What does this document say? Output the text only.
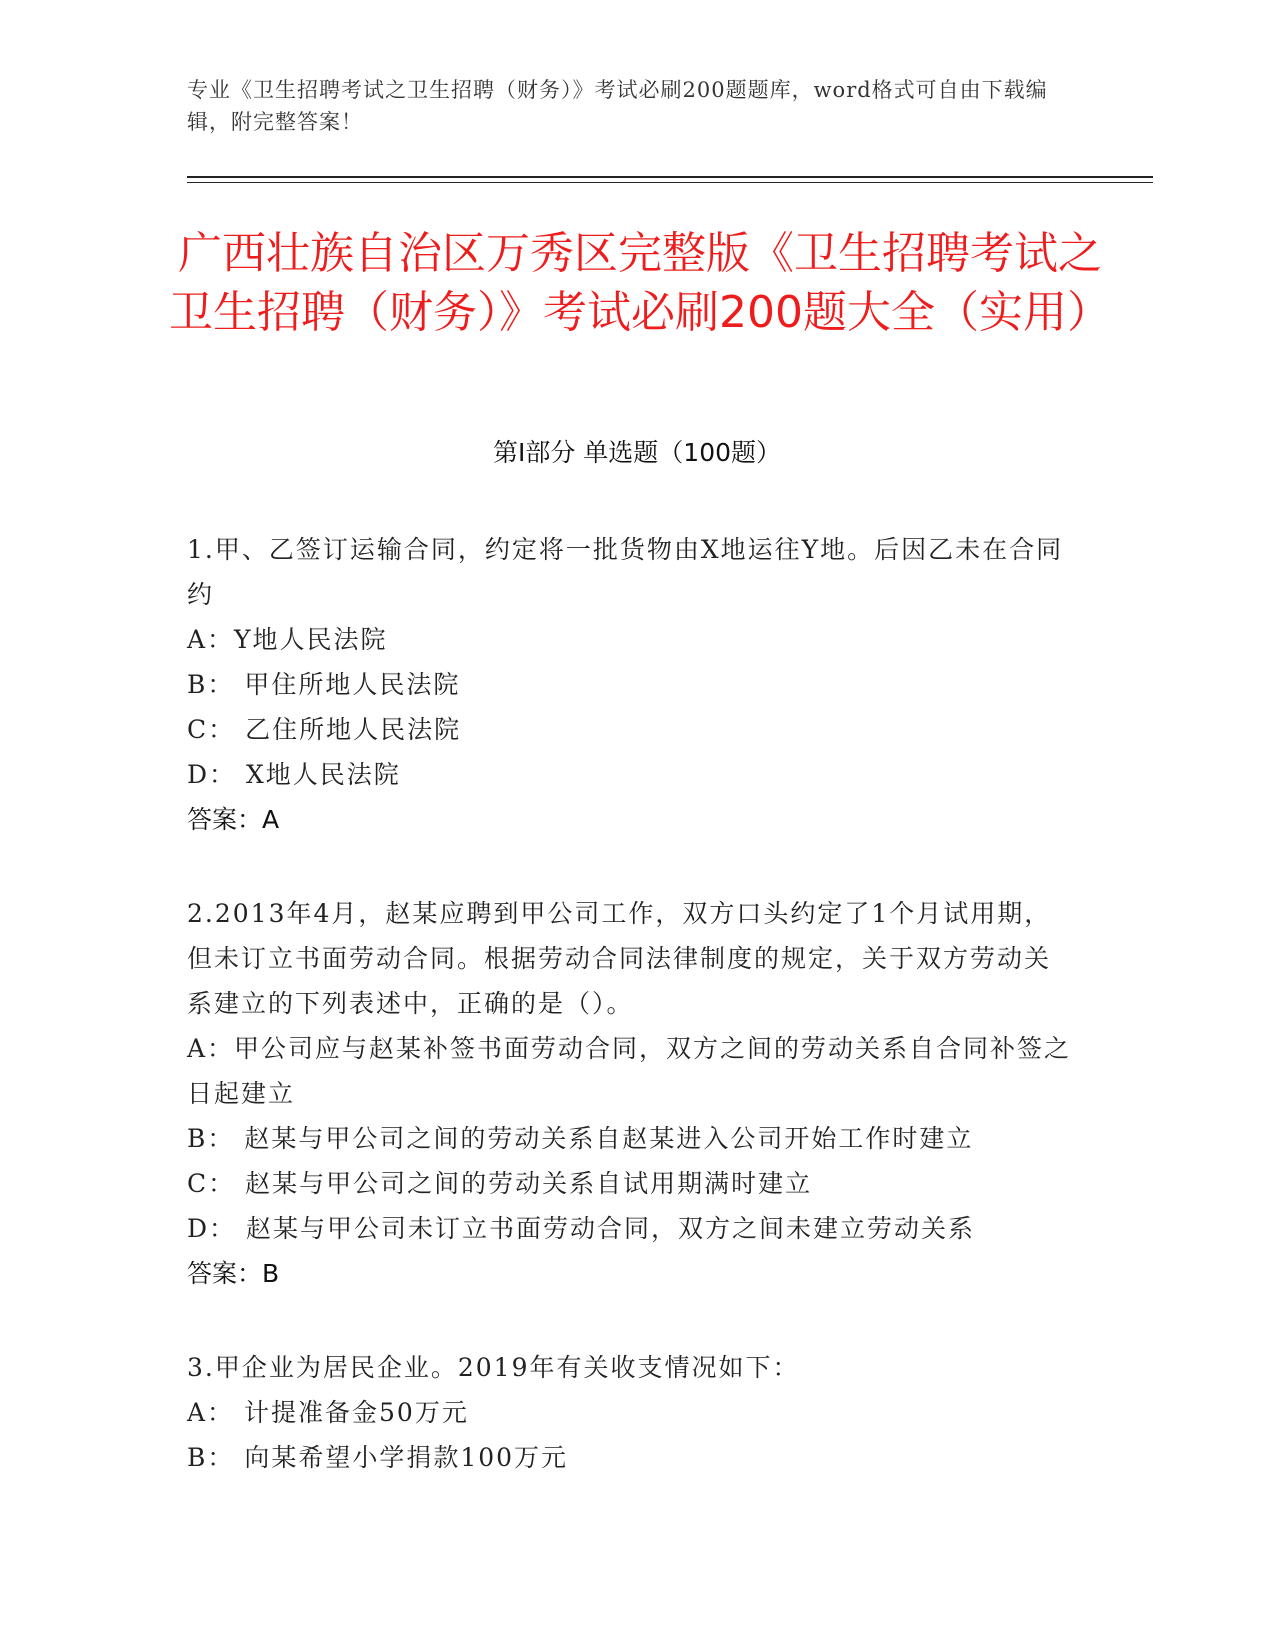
专业《卫生招聘考试之卫生招聘（财务）》考试必刷200题题库，word格式可自由下载编辑，附完整答案！
广西壮族自治区万秀区完整版《卫生招聘考试之卫生招聘（财务）》考试必刷200题大全（实用）
第I部分 单选题（100题）
1.甲、乙签订运输合同，约定将一批货物由X地运往Y地。后因乙未在合同约
A：Y地人民法院
B： 甲住所地人民法院
C： 乙住所地人民法院
D： X地人民法院
答案：A
2.2013年4月，赵某应聘到甲公司工作，双方口头约定了1个月试用期，但未订立书面劳动合同。根据劳动合同法律制度的规定，关于双方劳动关系建立的下列表述中，正确的是（）。
A：甲公司应与赵某补签书面劳动合同，双方之间的劳动关系自合同补签之日起建立
B： 赵某与甲公司之间的劳动关系自赵某进入公司开始工作时建立
C： 赵某与甲公司之间的劳动关系自试用期满时建立
D： 赵某与甲公司未订立书面劳动合同，双方之间未建立劳动关系
答案：B
3.甲企业为居民企业。2019年有关收支情况如下：
A： 计提准备金50万元
B： 向某希望小学捐款100万元
